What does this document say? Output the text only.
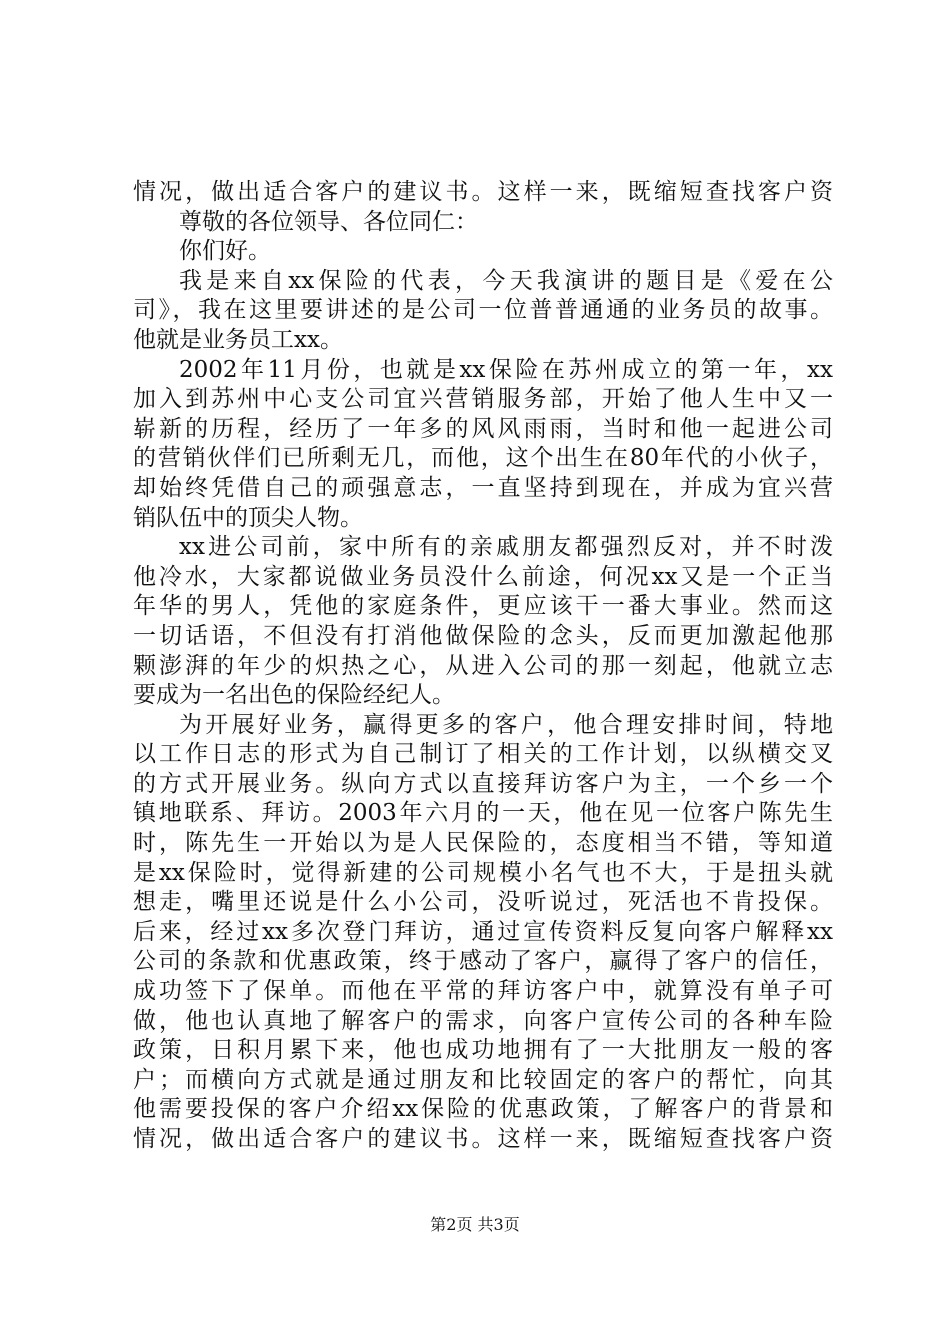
情况，做出适合客户的建议书。这样一来，既缩短查找客户资
尊敬的各位领导、各位同仁：
你们好。
我是来自xx保险的代表，今天我演讲的题目是《爱在公
司》，我在这里要讲述的是公司一位普普通通的业务员的故事。
他就是业务员工xx。
2002年11月份，也就是xx保险在苏州成立的第一年，xx
加入到苏州中心支公司宜兴营销服务部，开始了他人生中又一
崭新的历程，经历了一年多的风风雨雨，当时和他一起进公司
的营销伙伴们已所剩无几，而他，这个出生在80年代的小伙子，
却始终凭借自己的顽强意志，一直坚持到现在，并成为宜兴营
销队伍中的顶尖人物。
xx进公司前，家中所有的亲戚朋友都强烈反对，并不时泼
他冷水，大家都说做业务员没什么前途，何况xx又是一个正当
年华的男人，凭他的家庭条件，更应该干一番大事业。然而这
一切话语，不但没有打消他做保险的念头，反而更加激起他那
颗澎湃的年少的炽热之心，从进入公司的那一刻起，他就立志
要成为一名出色的保险经纪人。
为开展好业务，赢得更多的客户，他合理安排时间，特地
以工作日志的形式为自己制订了相关的工作计划，以纵横交叉
的方式开展业务。纵向方式以直接拜访客户为主，一个乡一个
镇地联系、拜访。2003年六月的一天，他在见一位客户陈先生
时，陈先生一开始以为是人民保险的，态度相当不错，等知道
是xx保险时，觉得新建的公司规模小名气也不大，于是扭头就
想走，嘴里还说是什么小公司，没听说过，死活也不肯投保。
后来，经过xx多次登门拜访，通过宣传资料反复向客户解释xx
公司的条款和优惠政策，终于感动了客户，赢得了客户的信任，
成功签下了保单。而他在平常的拜访客户中，就算没有单子可
做，他也认真地了解客户的需求，向客户宣传公司的各种车险
政策，日积月累下来，他也成功地拥有了一大批朋友一般的客
户；而横向方式就是通过朋友和比较固定的客户的帮忙，向其
他需要投保的客户介绍xx保险的优惠政策，了解客户的背景和
情况，做出适合客户的建议书。这样一来，既缩短查找客户资
第2页 共3页
